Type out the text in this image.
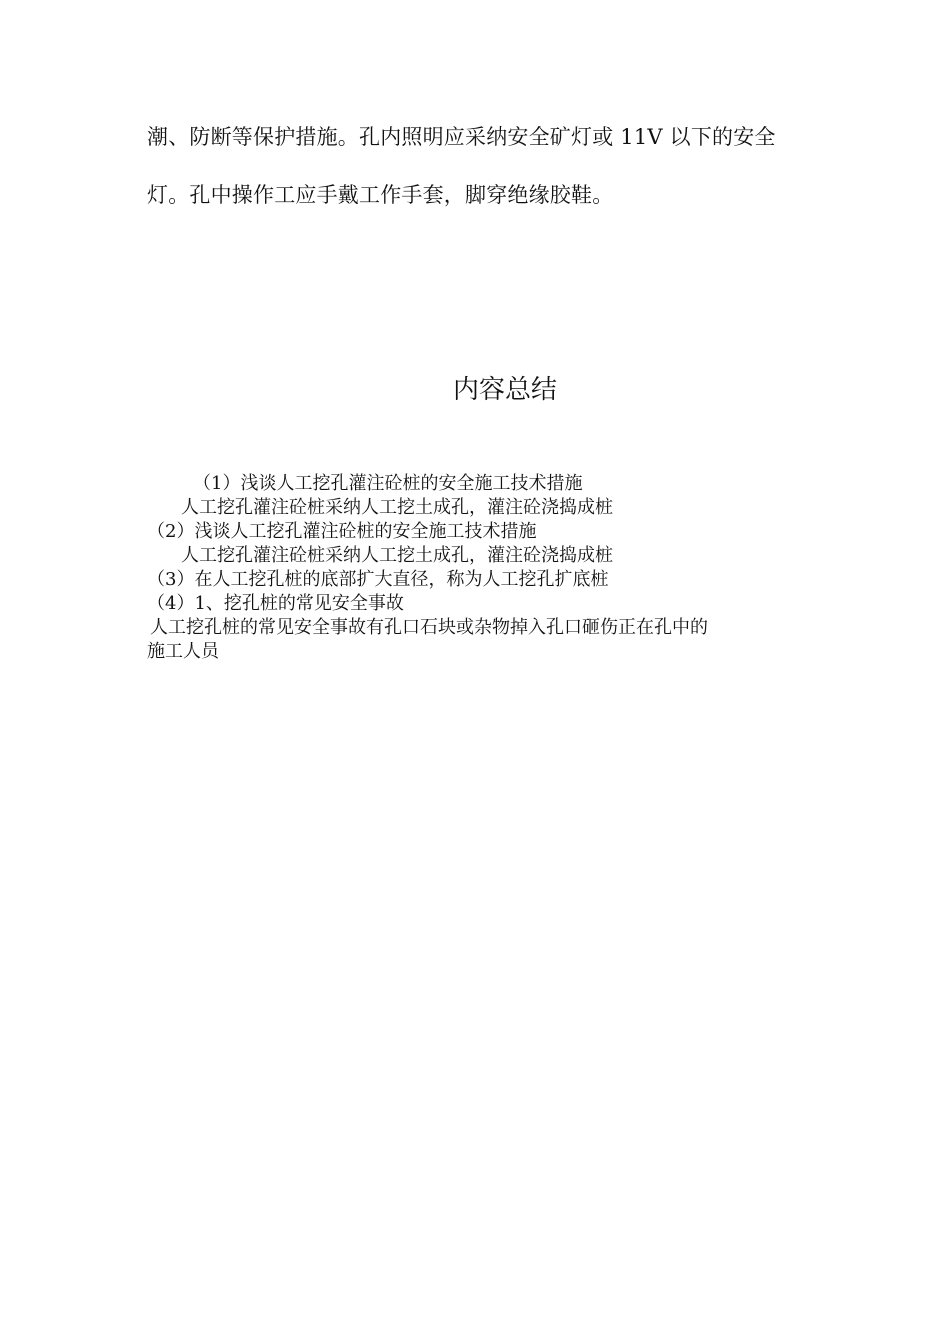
潮、防断等保护措施。孔内照明应采纳安全矿灯或 11V 以下的安全
灯。孔中操作工应手戴工作手套，脚穿绝缘胶鞋。

内容总结
（1）浅谈人工挖孔灌注砼桩的安全施工技术措施
人工挖孔灌注砼桩采纳人工挖土成孔，灌注砼浇捣成桩
（2）浅谈人工挖孔灌注砼桩的安全施工技术措施
人工挖孔灌注砼桩采纳人工挖土成孔，灌注砼浇捣成桩
（3）在人工挖孔桩的底部扩大直径，称为人工挖孔扩底桩
（4）1、挖孔桩的常见安全事故
人工挖孔桩的常见安全事故有孔口石块或杂物掉入孔口砸伤正在孔中的
施工人员
